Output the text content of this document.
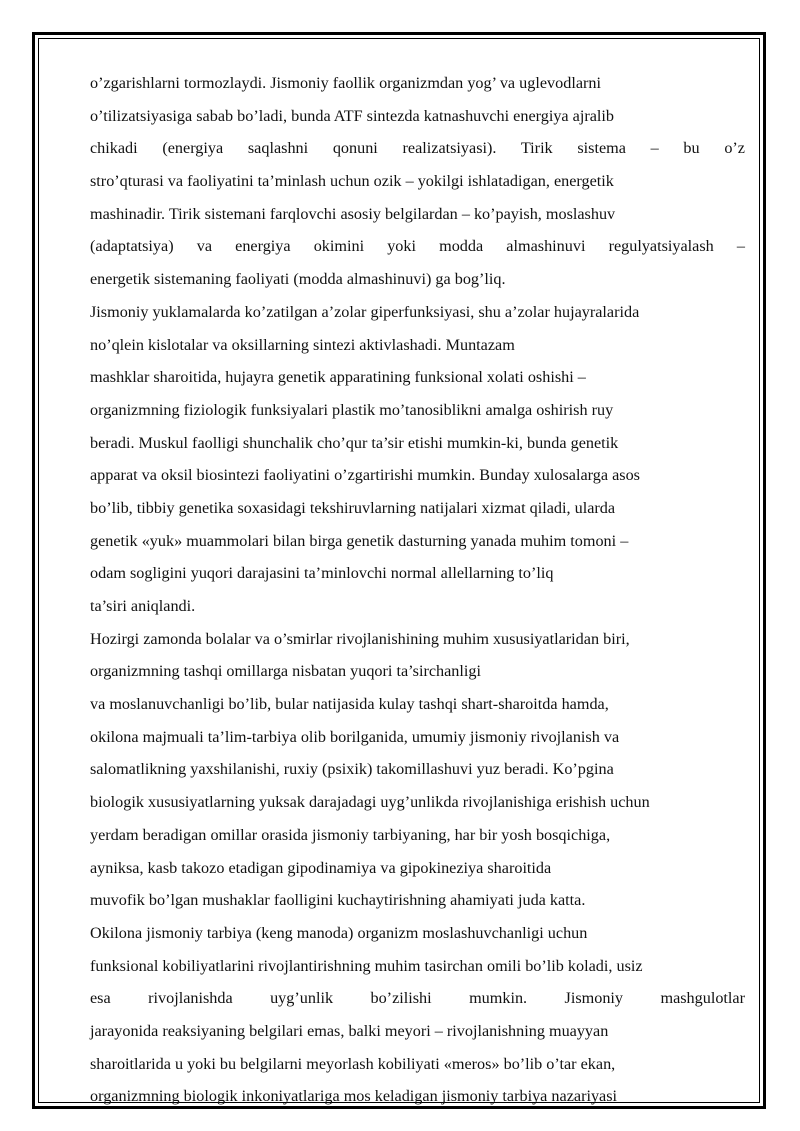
o’zgarishlarni tormozlaydi. Jismoniy faollik organizmdan yog’ va uglevodlarni
o’tilizatsiyasiga sabab bo’ladi, bunda ATF sintezda katnashuvchi energiya ajralib
chikadi (energiya saqlashni qonuni realizatsiyasi). Tirik sistema – bu o’z
stro’qturasi va faoliyatini ta’minlash uchun ozik – yokilgi ishlatadigan, energetik
mashinadir. Tirik sistemani farqlovchi asosiy belgilardan – ko’payish, moslashuv
(adaptatsiya) va energiya okimini yoki modda almashinuvi regulyatsiyalash –
energetik sistemaning faoliyati (modda almashinuvi) ga bog’liq.
Jismoniy yuklamalarda ko’zatilgan a’zolar giperfunksiyasi, shu a’zolar hujayralarida
no’qlein kislotalar va oksillarning sintezi aktivlashadi. Muntazam
mashklar sharoitida, hujayra genetik apparatining funksional xolati oshishi –
organizmning fiziologik funksiyalari plastik mo’tanosiblikni amalga oshirish ruy
beradi. Muskul faolligi shunchalik cho’qur ta’sir etishi mumkin-ki, bunda genetik
apparat va oksil biosintezi faoliyatini o’zgartirishi mumkin. Bunday xulosalarga asos
bo’lib, tibbiy genetika soxasidagi tekshiruvlarning natijalari xizmat qiladi, ularda
genetik «yuk» muammolari bilan birga genetik dasturning yanada muhim tomoni –
odam sogligini yuqori darajasini ta’minlovchi normal allellarning to’liq
ta’siri aniqlandi.
Hozirgi zamonda bolalar va o’smirlar rivojlanishining muhim xususiyatlaridan biri,
organizmning tashqi omillarga nisbatan yuqori ta’sirchanligi
va moslanuvchanligi bo’lib, bular natijasida kulay tashqi shart-sharoitda hamda,
okilona majmuali ta’lim-tarbiya olib borilganida, umumiy jismoniy rivojlanish va
salomatlikning yaxshilanishi, ruxiy (psixik) takomillashuvi yuz beradi. Ko’pgina
biologik xususiyatlarning yuksak darajadagi uyg’unlikda rivojlanishiga erishish uchun
yerdam beradigan omillar orasida jismoniy tarbiyaning, har bir yosh bosqichiga,
ayniksa, kasb takozo etadigan gipodinamiya va gipokineziya sharoitida
muvofik bo’lgan mushaklar faolligini kuchaytirishning ahamiyati juda katta.
Okilona jismoniy tarbiya (keng manoda) organizm moslashuvchanligi uchun
funksional kobiliyatlarini rivojlantirishning muhim tasirchan omili bo’lib koladi, usiz
esa rivojlanishda uyg’unlik bo’zilishi mumkin. Jismoniy mashgulotlar
jarayonida reaksiyaning belgilari emas, balki meyori – rivojlanishning muayyan
sharoitlarida u yoki bu belgilarni meyorlash kobiliyati «meros» bo’lib o’tar ekan,
organizmning biologik inkoniyatlariga mos keladigan jismoniy tarbiya nazariyasi
